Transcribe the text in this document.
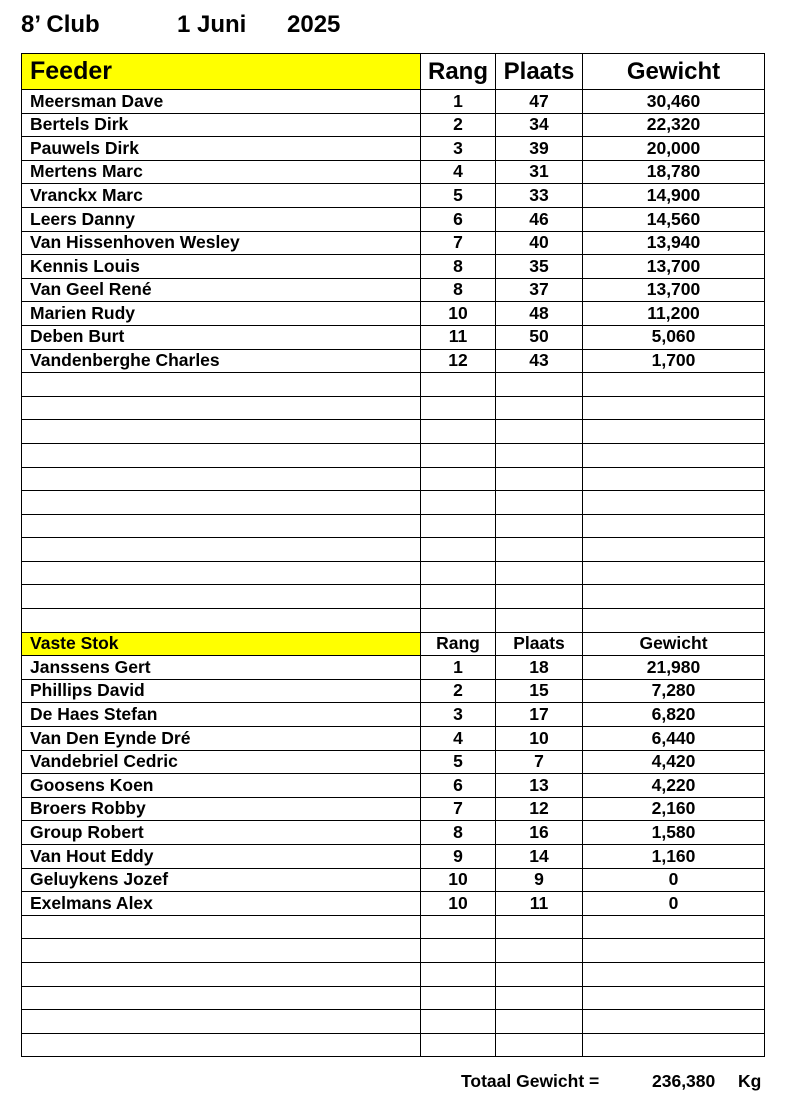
8’ Club	1 Juni	2025
Feeder	Rang	Plaats	Gewicht
Meersman Dave	1	47	30,460
Bertels Dirk	2	34	22,320
Pauwels Dirk	3	39	20,000
Mertens Marc	4	31	18,780
Vranckx Marc	5	33	14,900
Leers Danny	6	46	14,560
Van Hissenhoven Wesley	7	40	13,940
Kennis Louis	8	35	13,700
Van Geel René	8	37	13,700
Marien Rudy	10	48	11,200
Deben Burt	11	50	5,060
Vandenberghe Charles	12	43	1,700

Vaste Stok	Rang	Plaats	Gewicht
Janssens Gert	1	18	21,980
Phillips David	2	15	7,280
De Haes Stefan	3	17	6,820
Van Den Eynde Dré	4	10	6,440
Vandebriel Cedric	5	7	4,420
Goosens Koen	6	13	4,220
Broers Robby	7	12	2,160
Group Robert	8	16	1,580
Van Hout Eddy	9	14	1,160
Geluykens Jozef	10	9	0
Exelmans Alex	10	11	0

Totaal Gewicht =	236,380 Kg
